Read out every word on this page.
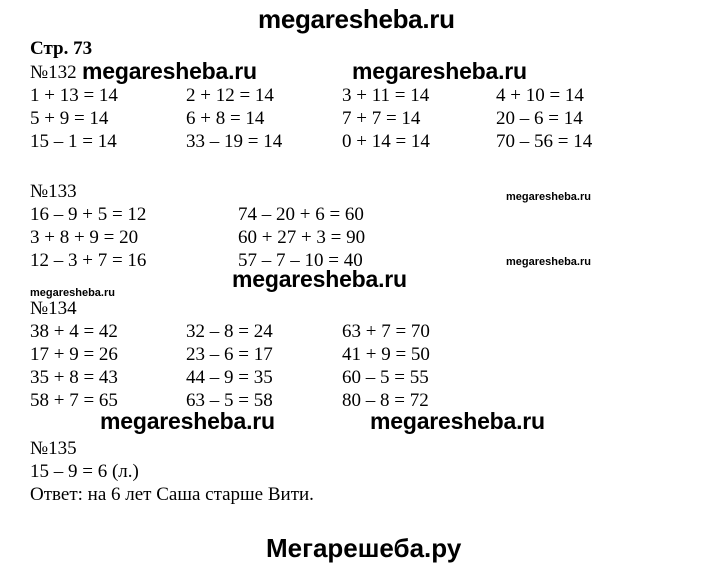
megaresheba.ru
Стр. 73
№132 megaresheba.ru	megaresheba.ru
1 + 13 = 14	2 + 12 = 14	3 + 11 = 14	4 + 10 = 14
5 + 9 = 14	6 + 8 = 14	7 + 7 = 14	20 – 6 = 14
15 – 1 = 14	33 – 19 = 14	0 + 14 = 14	70 – 56 = 14
№133	megaresheba.ru
16 – 9 + 5 = 12	74 – 20 + 6 = 60
3 + 8 + 9 = 20	60 + 27 + 3 = 90
12 – 3 + 7 = 16	57 – 7 – 10 = 40	megaresheba.ru
megaresheba.ru
megaresheba.ru
№134
38 + 4 = 42	32 – 8 = 24	63 + 7 = 70
17 + 9 = 26	23 – 6 = 17	41 + 9 = 50
35 + 8 = 43	44 – 9 = 35	60 – 5 = 55
58 + 7 = 65	63 – 5 = 58	80 – 8 = 72
megaresheba.ru	megaresheba.ru
№135
15 – 9 = 6 (л.)
Ответ: на 6 лет Саша старше Вити.
Мегарешеба.ру
